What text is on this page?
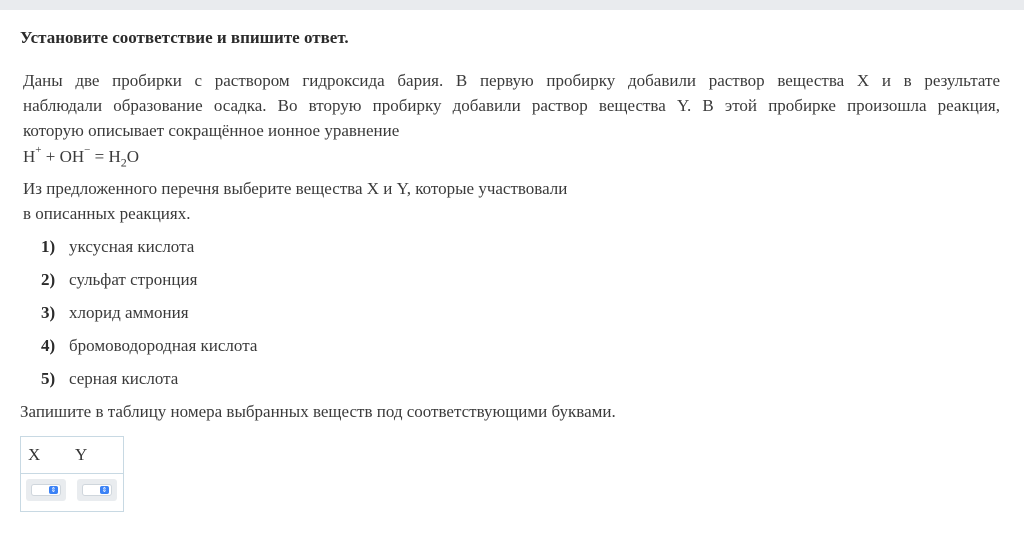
Установите соответствие и впишите ответ.
Даны две пробирки с раствором гидроксида бария. В первую пробирку добавили раствор вещества X и в результате
наблюдали образование осадка. Во вторую пробирку добавили раствор вещества Y. В этой пробирке произошла реакция,
которую описывает сокращённое ионное уравнение
$H^+ + OH^- = H_2O$
Из предложенного перечня выберите вещества X и Y, которые участвовали
в описанных реакциях.
1) уксусная кислота
2) сульфат стронция
3) хлорид аммония
4) бромоводородная кислота
5) серная кислота
Запишите в таблицу номера выбранных веществ под соответствующими буквами.
X	Y

⇕	⇕
